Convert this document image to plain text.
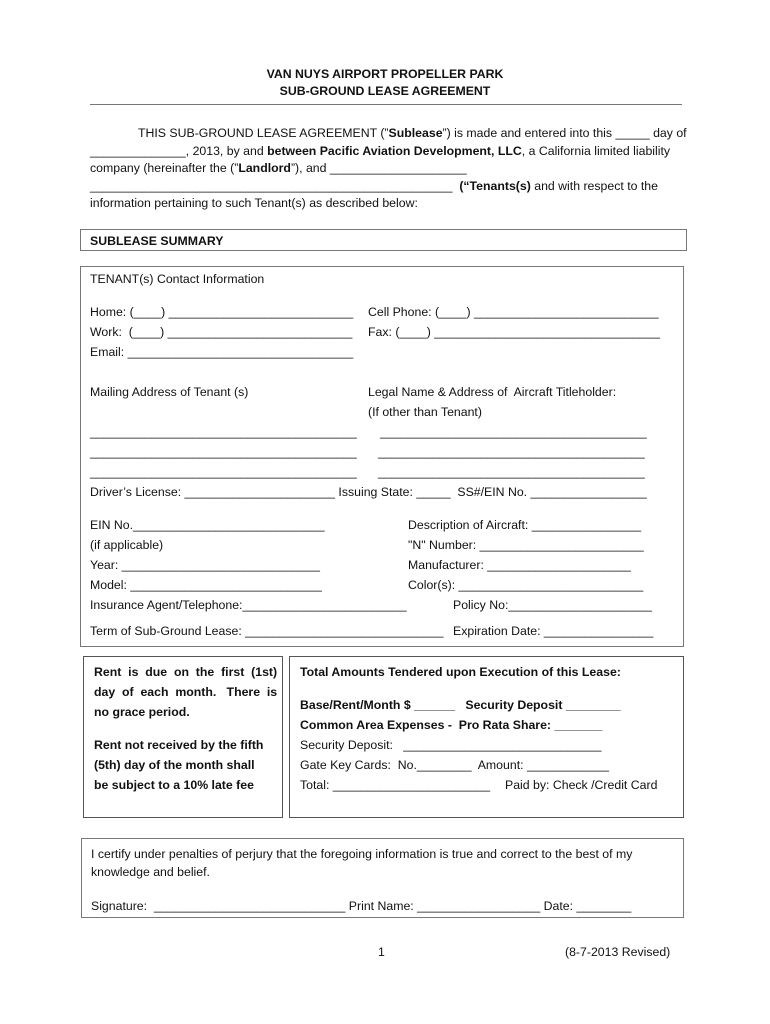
VAN NUYS AIRPORT PROPELLER PARK
SUB-GROUND LEASE AGREEMENT
THIS SUB-GROUND LEASE AGREEMENT (”Sublease”) is made and entered into this _____ day of
______________, 2013, by and between Pacific Aviation Development, LLC, a California limited liability
company (hereinafter the (”Landlord”), and ____________________
_____________________________________________________  (“Tenants(s) and with respect to the
information pertaining to such Tenant(s) as described below:
SUBLEASE SUMMARY
TENANT(s) Contact Information
Home: (____) ___________________________ Cell Phone: (____) ___________________________
Work:  (____) ___________________________ Fax: (____) _________________________________
Email: _________________________________
Mailing Address of Tenant (s)	Legal Name & Address of  Aircraft Titleholder:
(If other than Tenant)
_______________________________________
_______________________________________
_______________________________________
_______________________________________
_______________________________________
_______________________________________
Driver’s License: ______________________ Issuing State: _____  SS#/EIN No. _________________
EIN No.____________________________
(if applicable)
Year: _____________________________
Model: ____________________________
Insurance Agent/Telephone:________________________
Description of Aircraft: ________________
"N" Number: ________________________
Manufacturer: _____________________
Color(s): ___________________________
Policy No:_____________________
Term of Sub-Ground Lease: _____________________________ Expiration Date: ________________
Rent  is  due  on  the  first  (1st)
day  of  each  month.   There  is
no grace period.
Rent not received by the fifth
(5th) day of the month shall
be subject to a 10% late fee
Total Amounts Tendered upon Execution of this Lease:
Base/Rent/Month $ ______   Security Deposit ________
Common Area Expenses -  Pro Rata Share: _______
Security Deposit:   _____________________________
Gate Key Cards:  No.________  Amount: ____________
Total: _______________________ Paid by: Check /Credit Card
I certify under penalties of perjury that the foregoing information is true and correct to the best of my
knowledge and belief.
Signature:  ____________________________ Print Name: __________________ Date: ________
1	(8-7-2013 Revised)
